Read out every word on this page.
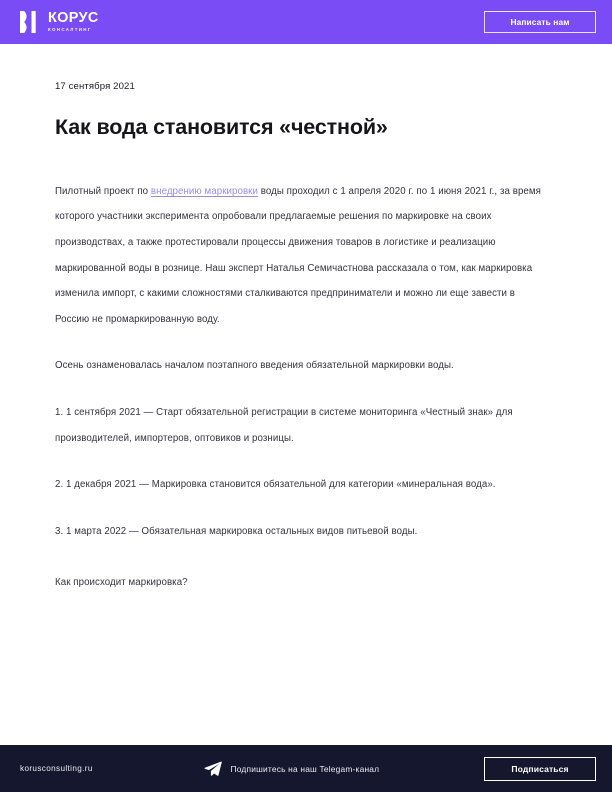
КОРУС
КОНСАЛТИНГ
Написать нам
17 сентября 2021
Как вода становится «честной»

Пилотный проект по внедрению маркировки воды проходил с 1 апреля 2020 г. по 1 июня 2021 г., за время которого участники эксперимента опробовали предлагаемые решения по маркировке на своих производствах, а также протестировали процессы движения товаров в логистике и реализацию маркированной воды в рознице. Наш эксперт Наталья Семичастнова рассказала о том, как маркировка изменила импорт, с какими сложностями сталкиваются предприниматели и можно ли еще завести в Россию не промаркированную воду.

Осень ознаменовалась началом поэтапного введения обязательной маркировки воды.

1. 1 сентября 2021 — Старт обязательной регистрации в системе мониторинга «Честный знак» для производителей, импортеров, оптовиков и розницы.

2. 1 декабря 2021 — Маркировка становится обязательной для категории «минеральная вода».

3. 1 марта 2022 — Обязательная маркировка остальных видов питьевой воды.

Как происходит маркировка?

korusconsulting.ru	Подпишитесь на наш Telegam-канал	Подписаться
